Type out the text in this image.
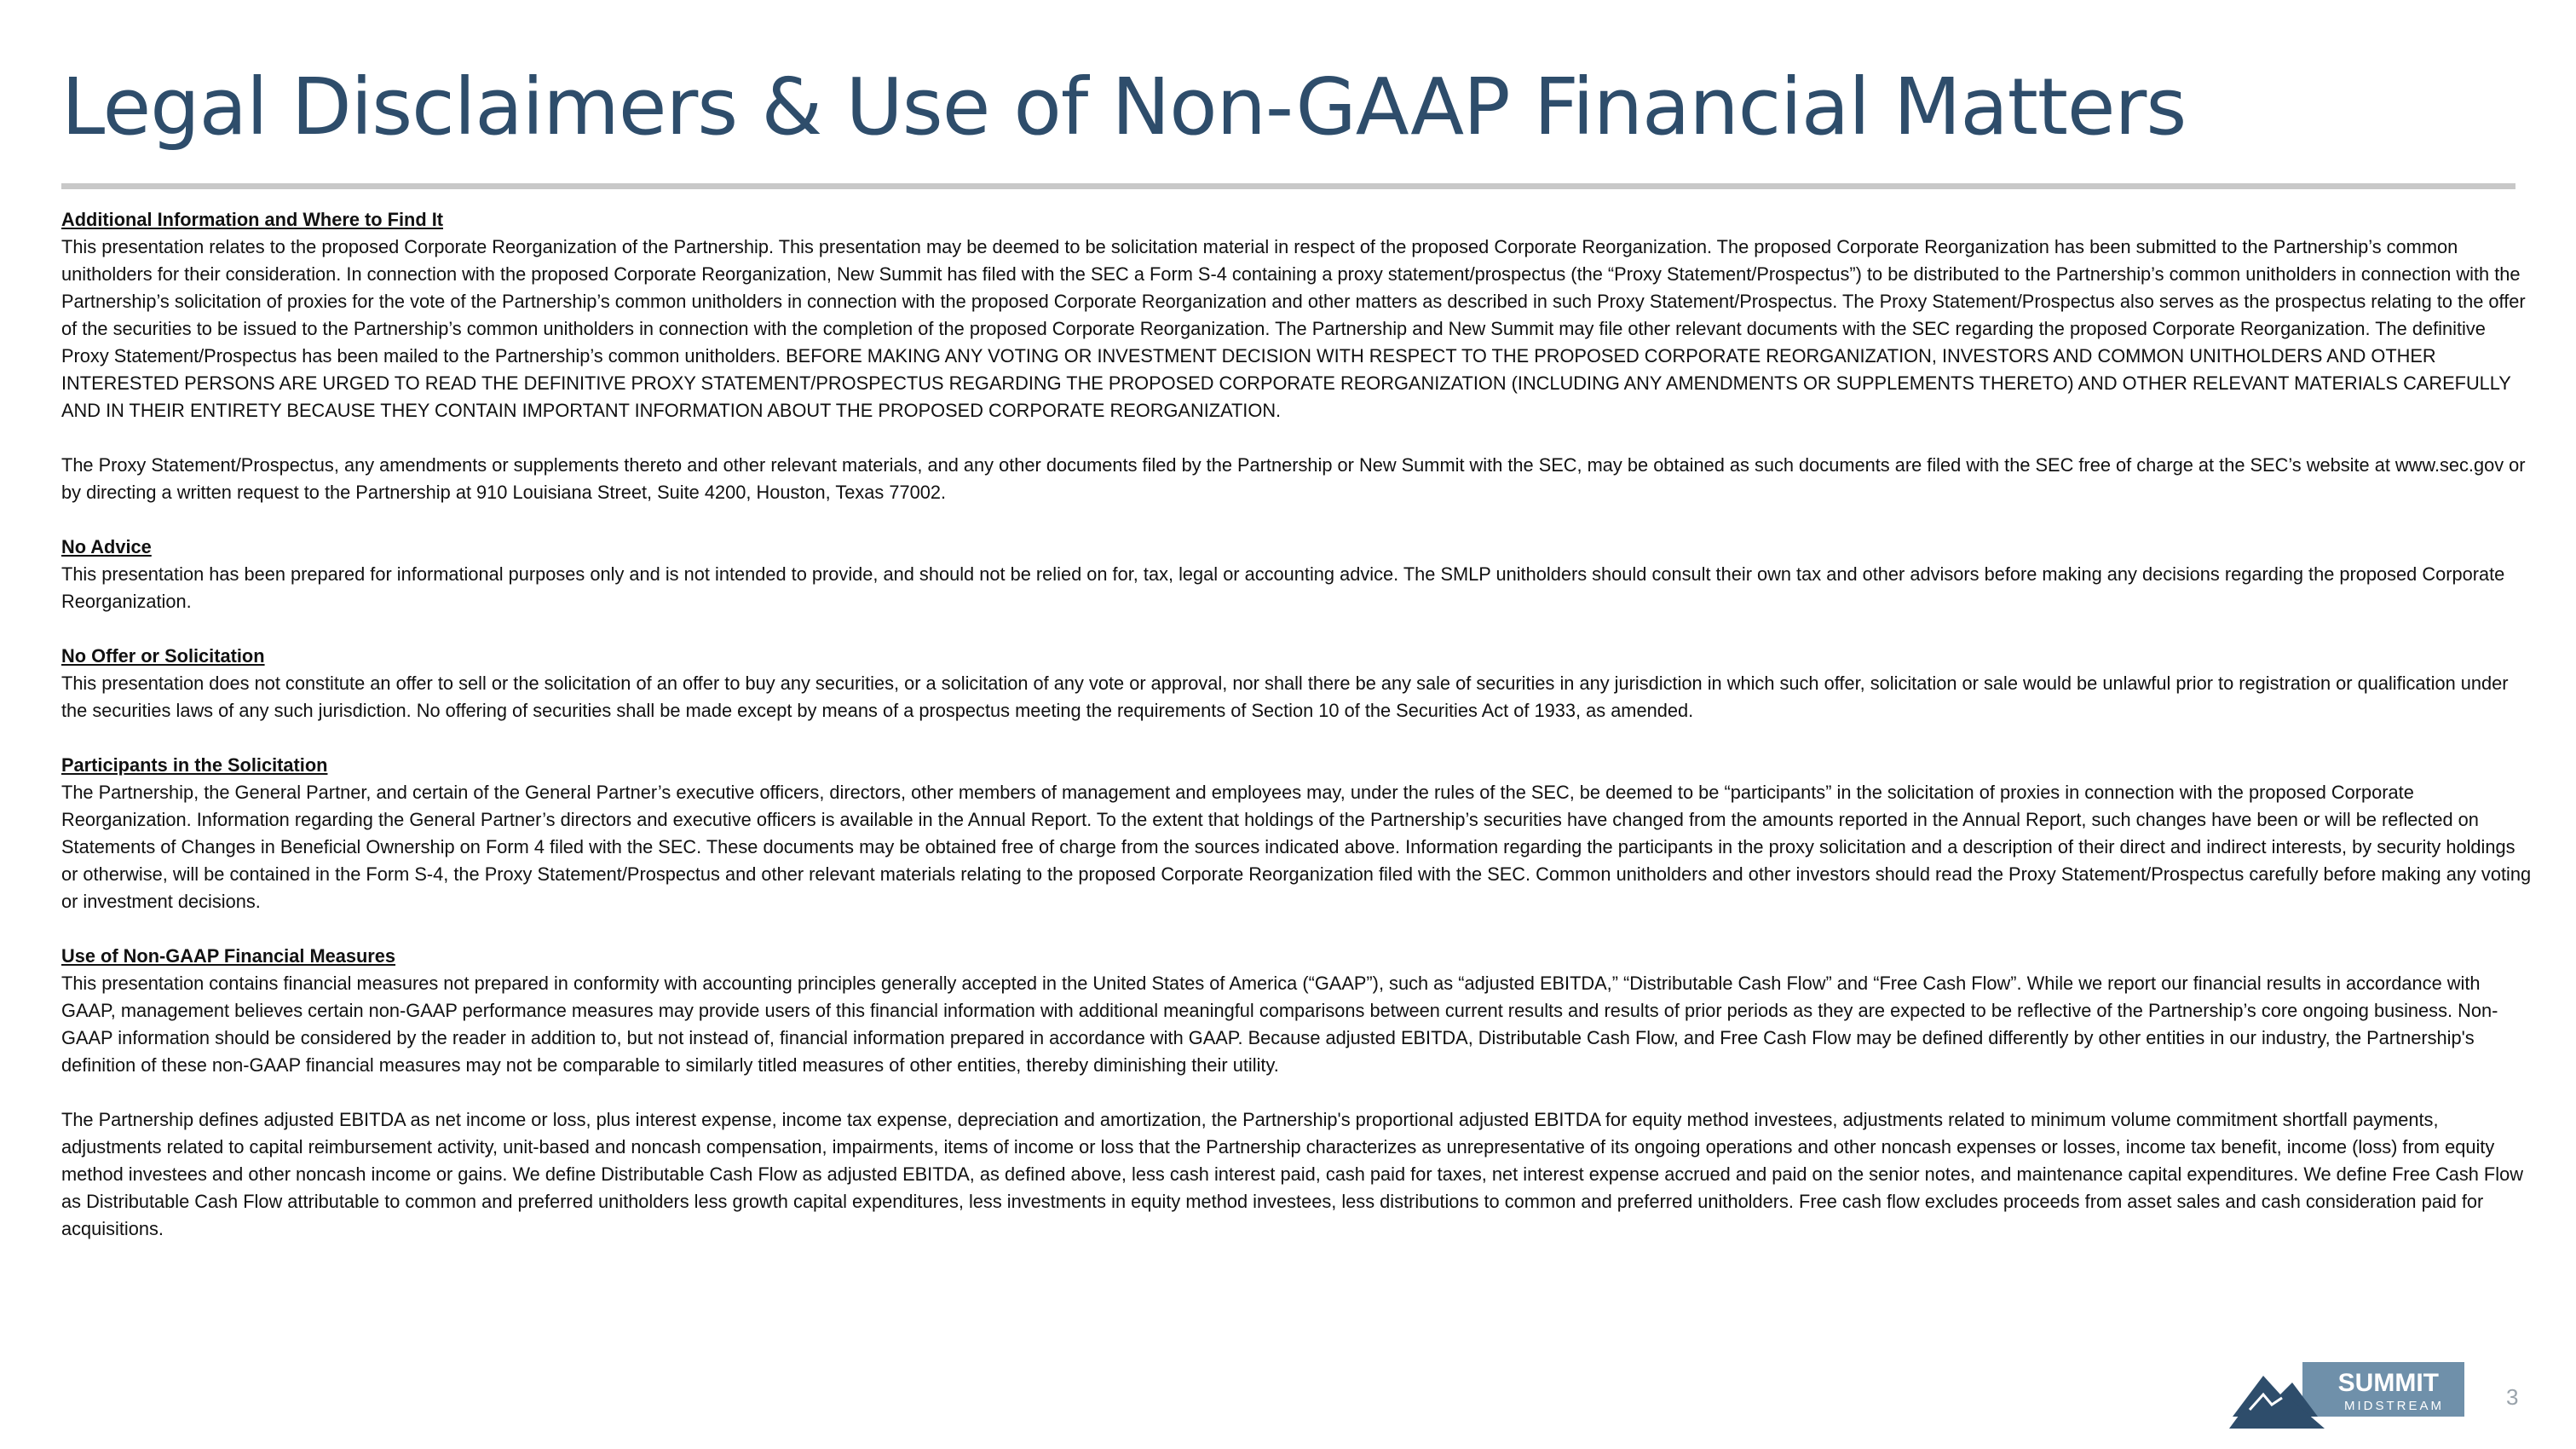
Legal Disclaimers & Use of Non-GAAP Financial Matters

Additional Information and Where to Find It

This presentation relates to the proposed Corporate Reorganization of the Partnership. This presentation may be deemed to be solicitation material in respect of the proposed Corporate Reorganization. The proposed Corporate Reorganization has been submitted to the Partnership’s common unitholders for their consideration. In connection with the proposed Corporate Reorganization, New Summit has filed with the SEC a Form S-4 containing a proxy statement/prospectus (the “Proxy Statement/Prospectus”) to be distributed to the Partnership’s common unitholders in connection with the Partnership’s solicitation of proxies for the vote of the Partnership’s common unitholders in connection with the proposed Corporate Reorganization and other matters as described in such Proxy Statement/Prospectus. The Proxy Statement/Prospectus also serves as the prospectus relating to the offer of the securities to be issued to the Partnership’s common unitholders in connection with the completion of the proposed Corporate Reorganization. The Partnership and New Summit may file other relevant documents with the SEC regarding the proposed Corporate Reorganization. The definitive Proxy Statement/Prospectus has been mailed to the Partnership’s common unitholders. BEFORE MAKING ANY VOTING OR INVESTMENT DECISION WITH RESPECT TO THE PROPOSED CORPORATE REORGANIZATION, INVESTORS AND COMMON UNITHOLDERS AND OTHER INTERESTED PERSONS ARE URGED TO READ THE DEFINITIVE PROXY STATEMENT/PROSPECTUS REGARDING THE PROPOSED CORPORATE REORGANIZATION (INCLUDING ANY AMENDMENTS OR SUPPLEMENTS THERETO) AND OTHER RELEVANT MATERIALS CAREFULLY AND IN THEIR ENTIRETY BECAUSE THEY CONTAIN IMPORTANT INFORMATION ABOUT THE PROPOSED CORPORATE REORGANIZATION.

The Proxy Statement/Prospectus, any amendments or supplements thereto and other relevant materials, and any other documents filed by the Partnership or New Summit with the SEC, may be obtained as such documents are filed with the SEC free of charge at the SEC’s website at www.sec.gov or by directing a written request to the Partnership at 910 Louisiana Street, Suite 4200, Houston, Texas 77002.

No Advice

This presentation has been prepared for informational purposes only and is not intended to provide, and should not be relied on for, tax, legal or accounting advice. The SMLP unitholders should consult their own tax and other advisors before making any decisions regarding the proposed Corporate Reorganization.

No Offer or Solicitation

This presentation does not constitute an offer to sell or the solicitation of an offer to buy any securities, or a solicitation of any vote or approval, nor shall there be any sale of securities in any jurisdiction in which such offer, solicitation or sale would be unlawful prior to registration or qualification under the securities laws of any such jurisdiction. No offering of securities shall be made except by means of a prospectus meeting the requirements of Section 10 of the Securities Act of 1933, as amended.

Participants in the Solicitation

The Partnership, the General Partner, and certain of the General Partner’s executive officers, directors, other members of management and employees may, under the rules of the SEC, be deemed to be “participants” in the solicitation of proxies in connection with the proposed Corporate Reorganization. Information regarding the General Partner’s directors and executive officers is available in the Annual Report. To the extent that holdings of the Partnership’s securities have changed from the amounts reported in the Annual Report, such changes have been or will be reflected on Statements of Changes in Beneficial Ownership on Form 4 filed with the SEC. These documents may be obtained free of charge from the sources indicated above. Information regarding the participants in the proxy solicitation and a description of their direct and indirect interests, by security holdings or otherwise, will be contained in the Form S-4, the Proxy Statement/Prospectus and other relevant materials relating to the proposed Corporate Reorganization filed with the SEC. Common unitholders and other investors should read the Proxy Statement/Prospectus carefully before making any voting or investment decisions.

Use of Non-GAAP Financial Measures

This presentation contains financial measures not prepared in conformity with accounting principles generally accepted in the United States of America (“GAAP”), such as “adjusted EBITDA,” “Distributable Cash Flow” and “Free Cash Flow”. While we report our financial results in accordance with GAAP, management believes certain non-GAAP performance measures may provide users of this financial information with additional meaningful comparisons between current results and results of prior periods as they are expected to be reflective of the Partnership’s core ongoing business. Non-GAAP information should be considered by the reader in addition to, but not instead of, financial information prepared in accordance with GAAP. Because adjusted EBITDA, Distributable Cash Flow, and Free Cash Flow may be defined differently by other entities in our industry, the Partnership's definition of these non-GAAP financial measures may not be comparable to similarly titled measures of other entities, thereby diminishing their utility.

The Partnership defines adjusted EBITDA as net income or loss, plus interest expense, income tax expense, depreciation and amortization, the Partnership's proportional adjusted EBITDA for equity method investees, adjustments related to minimum volume commitment shortfall payments, adjustments related to capital reimbursement activity, unit-based and noncash compensation, impairments, items of income or loss that the Partnership characterizes as unrepresentative of its ongoing operations and other noncash expenses or losses, income tax benefit, income (loss) from equity method investees and other noncash income or gains. We define Distributable Cash Flow as adjusted EBITDA, as defined above, less cash interest paid, cash paid for taxes, net interest expense accrued and paid on the senior notes, and maintenance capital expenditures. We define Free Cash Flow as Distributable Cash Flow attributable to common and preferred unitholders less growth capital expenditures, less investments in equity method investees, less distributions to common and preferred unitholders. Free cash flow excludes proceeds from asset sales and cash consideration paid for acquisitions.

SUMMIT
MIDSTREAM	3
